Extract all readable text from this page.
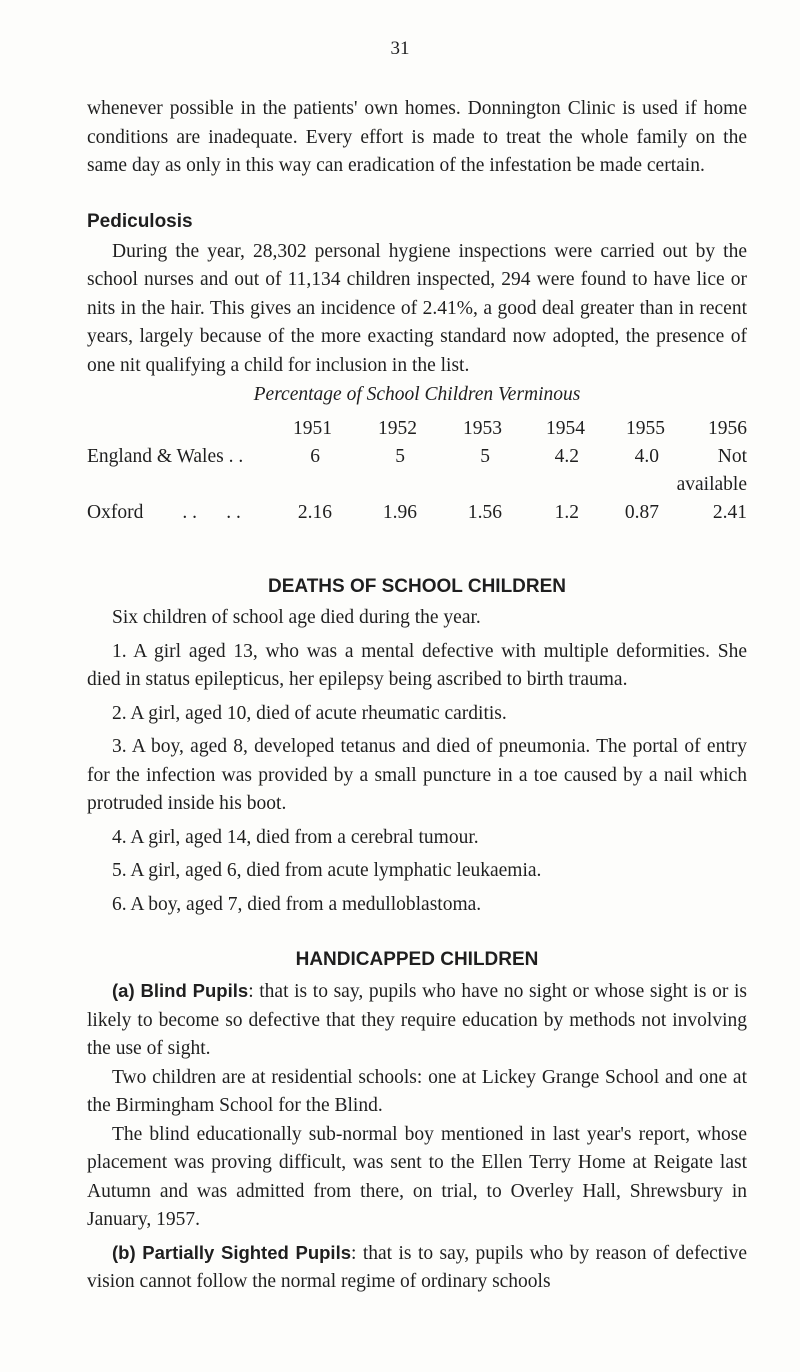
31

whenever possible in the patients' own homes. Donnington Clinic is used if home conditions are inadequate. Every effort is made to treat the whole family on the same day as only in this way can eradication of the infestation be made certain.

Pediculosis

During the year, 28,302 personal hygiene inspections were carried out by the school nurses and out of 11,134 children inspected, 294 were found to have lice or nits in the hair. This gives an incidence of 2.41%, a good deal greater than in recent years, largely because of the more exacting standard now adopted, the presence of one nit qualifying a child for inclusion in the list.

Percentage of School Children Verminous
	1951	1952	1953	1954	1955	1956
England & Wales . .	6	5	5	4.2	4.0	Not available
Oxford        . .      . .	2.16	1.96	1.56	1.2	0.87	2.41
DEATHS OF SCHOOL CHILDREN

Six children of school age died during the year.

1. A girl aged 13, who was a mental defective with multiple deformities. She died in status epilepticus, her epilepsy being ascribed to birth trauma.

2. A girl, aged 10, died of acute rheumatic carditis.

3. A boy, aged 8, developed tetanus and died of pneumonia. The portal of entry for the infection was provided by a small puncture in a toe caused by a nail which protruded inside his boot.

4. A girl, aged 14, died from a cerebral tumour.

5. A girl, aged 6, died from acute lymphatic leukaemia.

6. A boy, aged 7, died from a medulloblastoma.

HANDICAPPED CHILDREN

(a) Blind Pupils: that is to say, pupils who have no sight or whose sight is or is likely to become so defective that they require education by methods not involving the use of sight.

Two children are at residential schools: one at Lickey Grange School and one at the Birmingham School for the Blind.

The blind educationally sub-normal boy mentioned in last year's report, whose placement was proving difficult, was sent to the Ellen Terry Home at Reigate last Autumn and was admitted from there, on trial, to Overley Hall, Shrewsbury in January, 1957.

(b) Partially Sighted Pupils: that is to say, pupils who by reason of defective vision cannot follow the normal regime of ordinary schools
